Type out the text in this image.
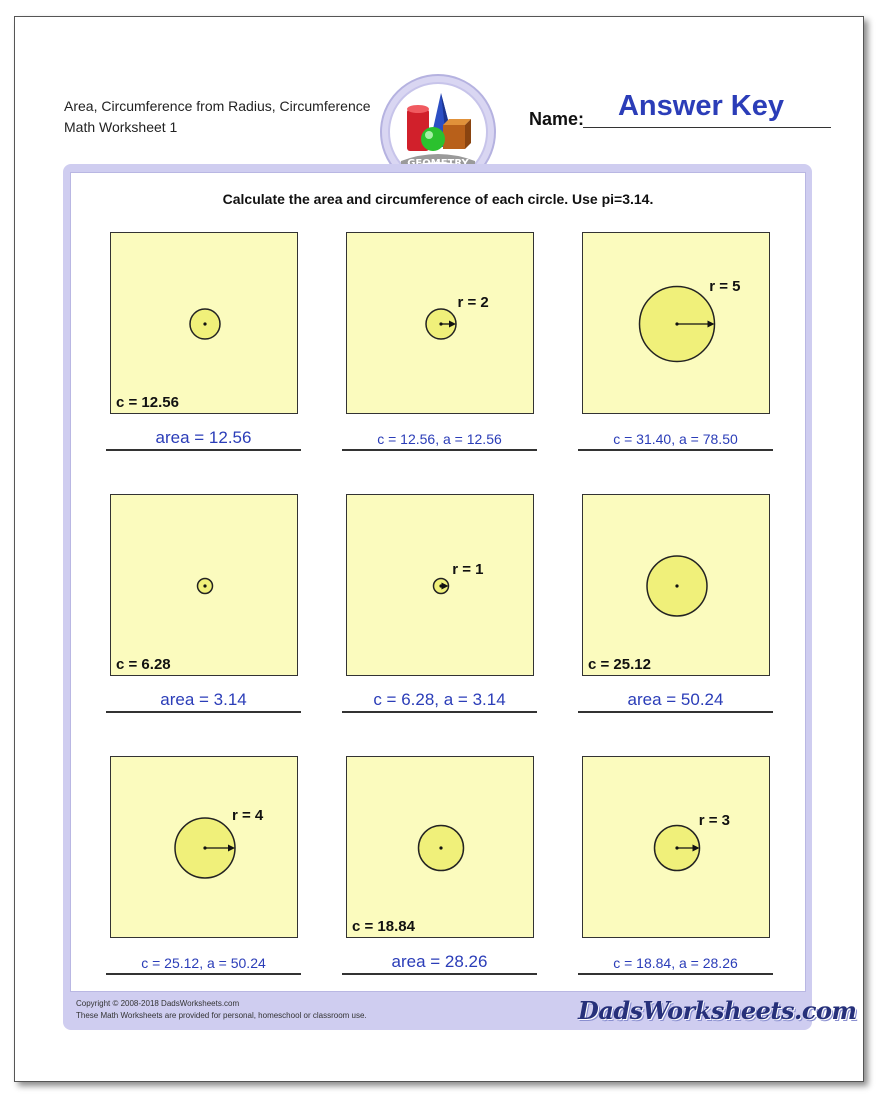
Area, Circumference from Radius, Circumference
Math Worksheet 1	Name:	Answer Key
Calculate the area and circumference of each circle. Use pi=3.14.
c = 12.56
area = 12.56
r = 2
c = 12.56, a = 12.56
r = 5
c = 31.40, a = 78.50
c = 6.28
area = 3.14
r = 1
c = 6.28, a = 3.14
c = 25.12
area = 50.24
r = 4
c = 25.12, a = 50.24
c = 18.84
area = 28.26
r = 3
c = 18.84, a = 28.26
Copyright © 2008-2018 DadsWorksheets.com
These Math Worksheets are provided for personal, homeschool or classroom use.	DadsWorksheets.com
